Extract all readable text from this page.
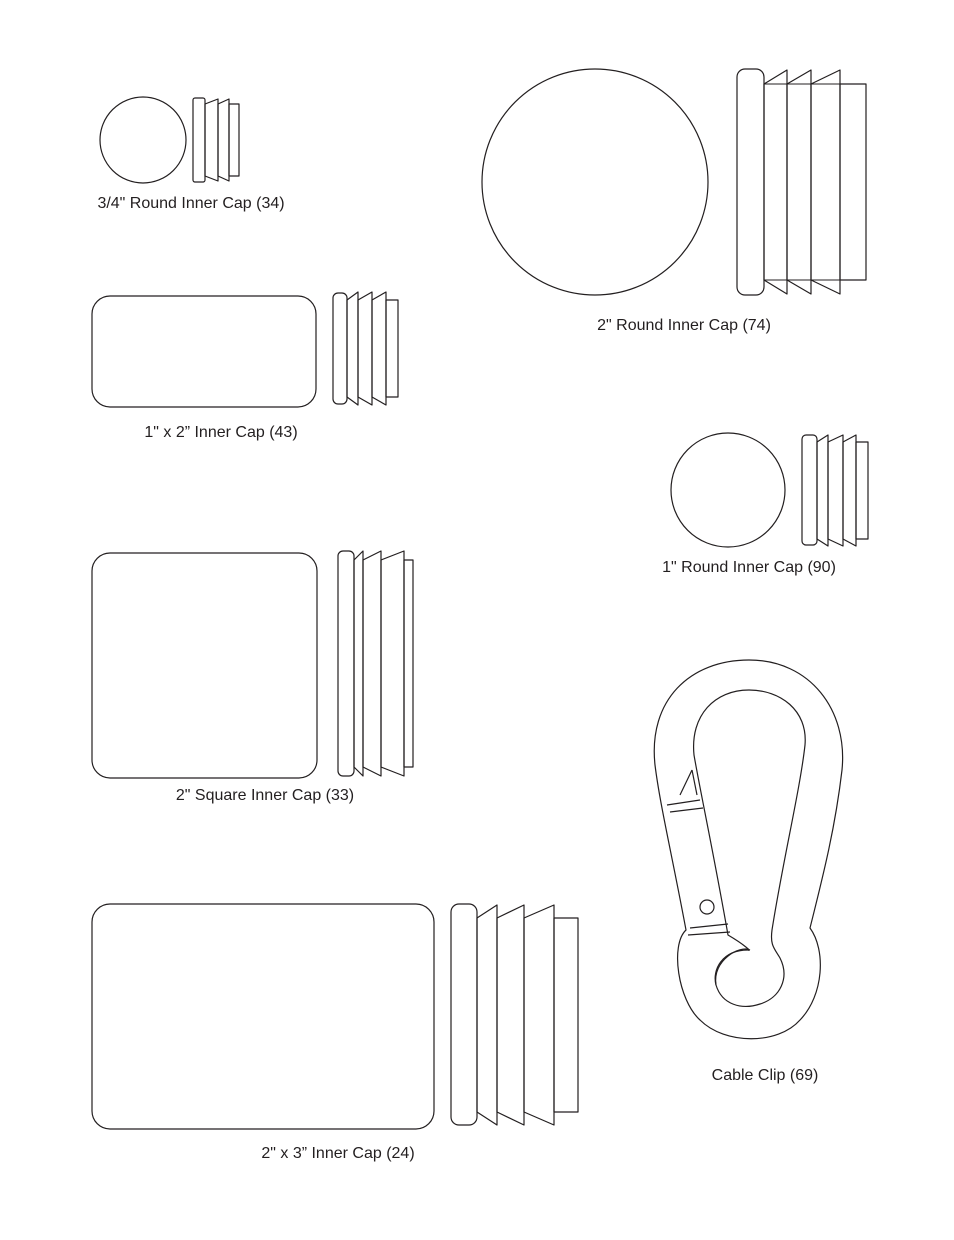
3/4" Round Inner Cap (34)
2" Round Inner Cap (74)
1" x 2” Inner Cap (43)
1" Round Inner Cap (90)
2" Square Inner Cap (33)
Cable Clip (69)
2" x 3” Inner Cap (24)
